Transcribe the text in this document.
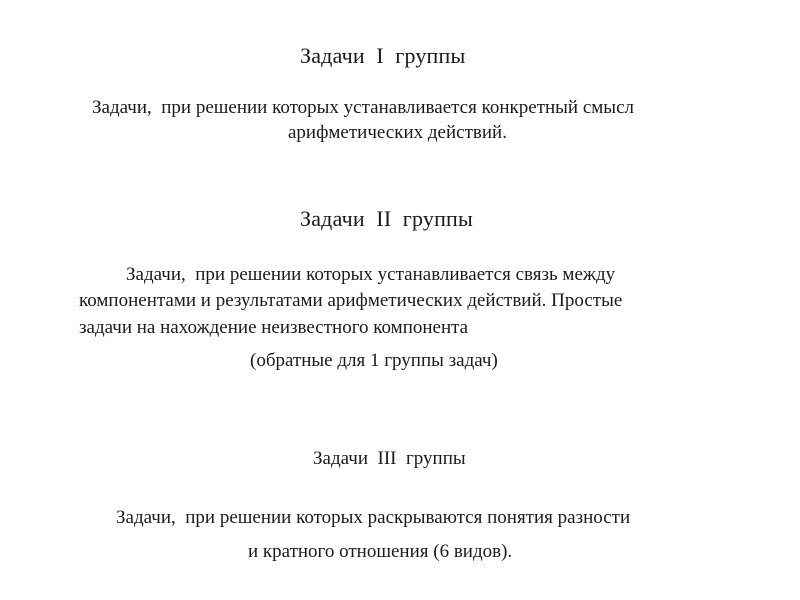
Задачи  I  группы
Задачи,  при решении которых устанавливается конкретный смысл
арифметических действий.
Задачи  II  группы
Задачи,  при решении которых устанавливается связь между
компонентами и результатами арифметических действий. Простые
задачи на нахождение неизвестного компонента
(обратные для 1 группы задач)
Задачи  III  группы
Задачи,  при решении которых раскрываются понятия разности
и кратного отношения (6 видов).
